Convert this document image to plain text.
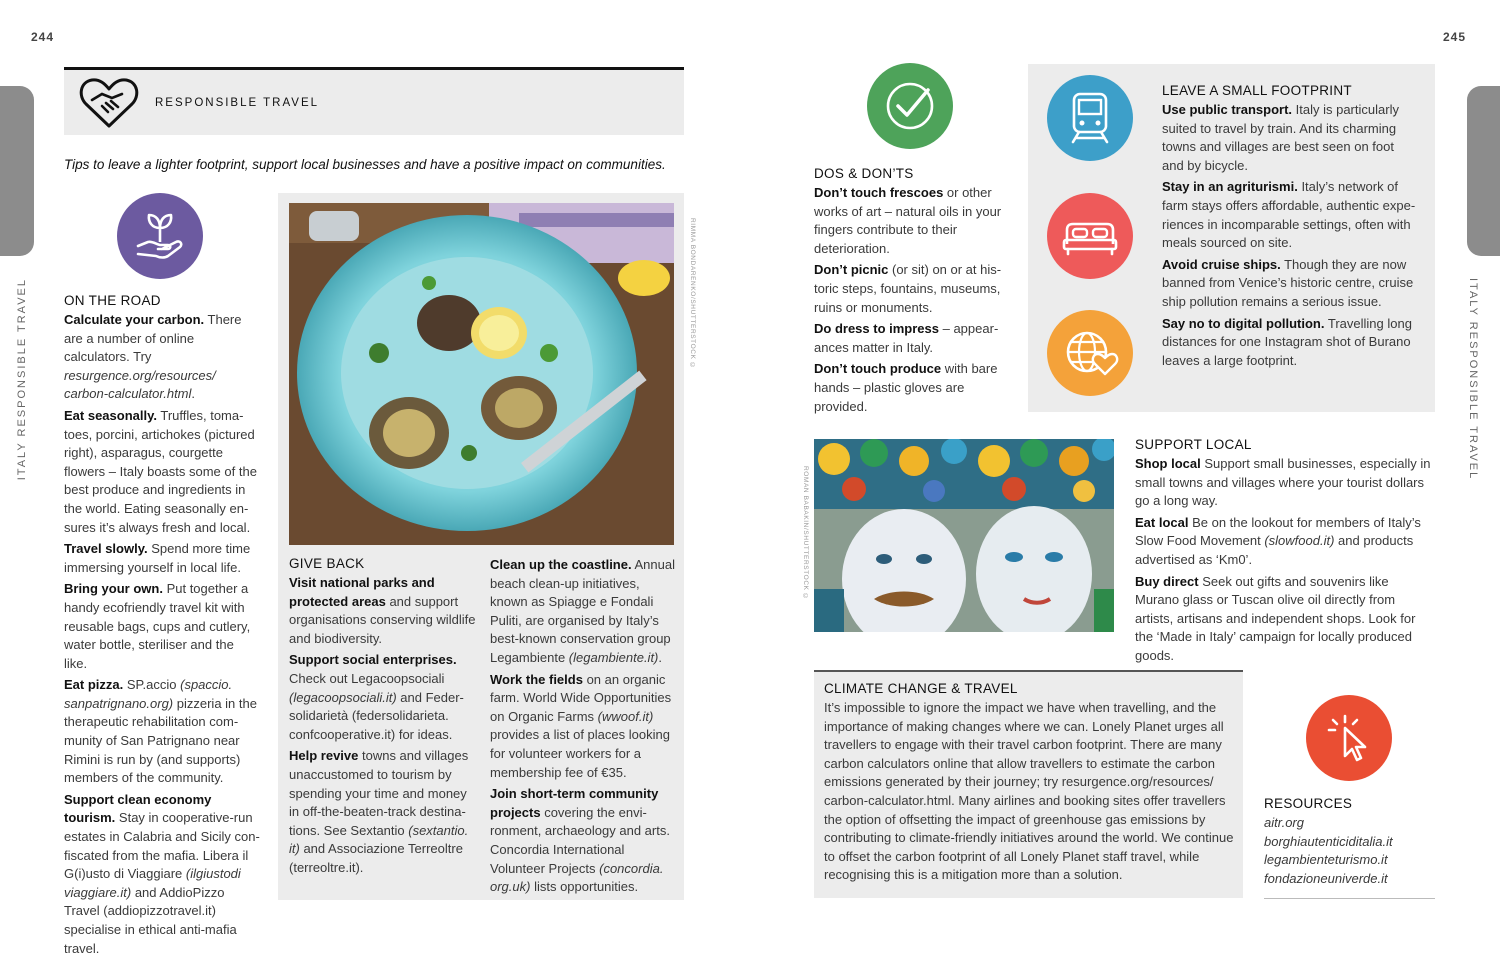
244	245
ITALY RESPONSIBLE TRAVEL	ITALY RESPONSIBLE TRAVEL
RESPONSIBLE TRAVEL
Tips to leave a lighter footprint, support local businesses and have a positive impact on communities.
ON THE ROAD

Calculate your carbon. There are a number of online calculators. Try resurgence.org/resources/ carbon-calculator.html.

Eat seasonally. Truffles, tomatoes, porcini, artichokes (pictured right), asparagus, courgette flowers – Italy boasts some of the best produce and ingredients in the world. Eating seasonally ensures it’s always fresh and local.

Travel slowly. Spend more time immersing yourself in local life.

Bring your own. Put together a handy ecofriendly travel kit with reusable bags, cups and cutlery, water bottle, steriliser and the like.

Eat pizza. SP.accio (spaccio. sanpatrignano.org) pizzeria in the therapeutic rehabilitation community of San Patrignano near Rimini is run by (and supports) members of the community.

Support clean economy tourism. Stay in cooperative-run estates in Calabria and Sicily confiscated from the mafia. Libera il G(i)usto di Viaggiare (ilgiustodi viaggiare.it) and AddioPizzo Travel (addiopizzotravel.it) specialise in ethical anti-mafia travel.

RIMMA BONDARENKO/SHUTTERSTOCK ©
GIVE BACK

Visit national parks and protected areas and support organisations conserving wildlife and biodiversity.

Support social enterprises. Check out Legacoopsociali (legacoopsociali.it) and Federsolidarietà (federsolidarieta. confcooperative.it) for ideas.

Help revive towns and villages unaccustomed to tourism by spending your time and money in off-the-beaten-track destinations. See Sextantio (sextantio. it) and Associazione Terreoltre (terreoltre.it).

Clean up the coastline. Annual beach clean-up initiatives, known as Spiagge e Fondali Puliti, are organised by Italy’s best-known conservation group Legambiente (legambiente.it).

Work the fields on an organic farm. World Wide Opportunities on Organic Farms (wwoof.it) provides a list of places looking for volunteer workers for a membership fee of €35.

Join short-term community projects covering the environment, archaeology and arts. Concordia International Volunteer Projects (concordia. org.uk) lists opportunities.

DOS & DON’TS

Don’t touch frescoes or other works of art – natural oils in your fingers contribute to their deterioration.

Don’t picnic (or sit) on or at historic steps, fountains, museums, ruins or monuments.

Do dress to impress – appearances matter in Italy.

Don’t touch produce with bare hands – plastic gloves are provided.

LEAVE A SMALL FOOTPRINT

Use public transport. Italy is particularly suited to travel by train. And its charming towns and villages are best seen on foot and by bicycle.

Stay in an agriturismi. Italy’s network of farm stays offers affordable, authentic experiences in incomparable settings, often with meals sourced on site.

Avoid cruise ships. Though they are now banned from Venice’s historic centre, cruise ship pollution remains a serious issue.

Say no to digital pollution. Travelling long distances for one Instagram shot of Burano leaves a large footprint.

ROMAN BABAKIN/SHUTTERSTOCK ©
SUPPORT LOCAL

Shop local Support small businesses, especially in small towns and villages where your tourist dollars go a long way.

Eat local Be on the lookout for members of Italy’s Slow Food Movement (slowfood.it) and products advertised as ‘Km0’.

Buy direct Seek out gifts and souvenirs like Murano glass or Tuscan olive oil directly from artists, artisans and independent shops. Look for the ‘Made in Italy’ campaign for locally produced goods.

CLIMATE CHANGE & TRAVEL
It’s impossible to ignore the impact we have when travelling, and the importance of making changes where we can. Lonely Planet urges all travellers to engage with their travel carbon footprint. There are many carbon calculators online that allow travellers to estimate the carbon emissions generated by their journey; try resurgence.org/resources/ carbon-calculator.html. Many airlines and booking sites offer travellers the option of offsetting the impact of greenhouse gas emissions by contributing to climate-friendly initiatives around the world. We continue to offset the carbon footprint of all Lonely Planet staff travel, while recognising this is a mitigation more than a solution.
RESOURCES
aitr.org
borghiautenticiditalia.it
legambienteturismo.it
fondazioneuniverde.it
